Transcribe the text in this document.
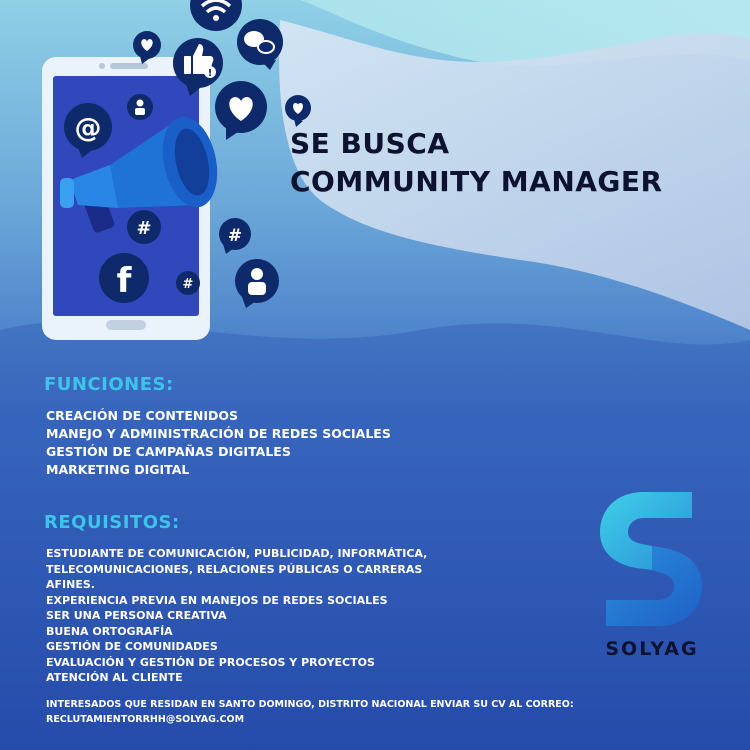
@
#
f	#
!
#
SE BUSCA
COMMUNITY MANAGER
FUNCIONES:
CREACIÓN DE CONTENIDOS
MANEJO Y ADMINISTRACIÓN DE REDES SOCIALES
GESTIÓN DE CAMPAÑAS DIGITALES
MARKETING DIGITAL
REQUISITOS:
ESTUDIANTE DE COMUNICACIÓN, PUBLICIDAD, INFORMÁTICA,
TELECOMUNICACIONES, RELACIONES PÚBLICAS O CARRERAS
AFINES.
EXPERIENCIA PREVIA EN MANEJOS DE REDES SOCIALES
SER UNA PERSONA CREATIVA
BUENA ORTOGRAFÍA
GESTIÓN DE COMUNIDADES
EVALUACIÓN Y GESTIÓN DE PROCESOS Y PROYECTOS
ATENCIÓN AL CLIENTE

INTERESADOS QUE RESIDAN EN SANTO DOMINGO, DISTRITO NACIONAL ENVIAR SU CV AL CORREO:
RECLUTAMIENTORRHH@SOLYAG.COM

SOLYAG
